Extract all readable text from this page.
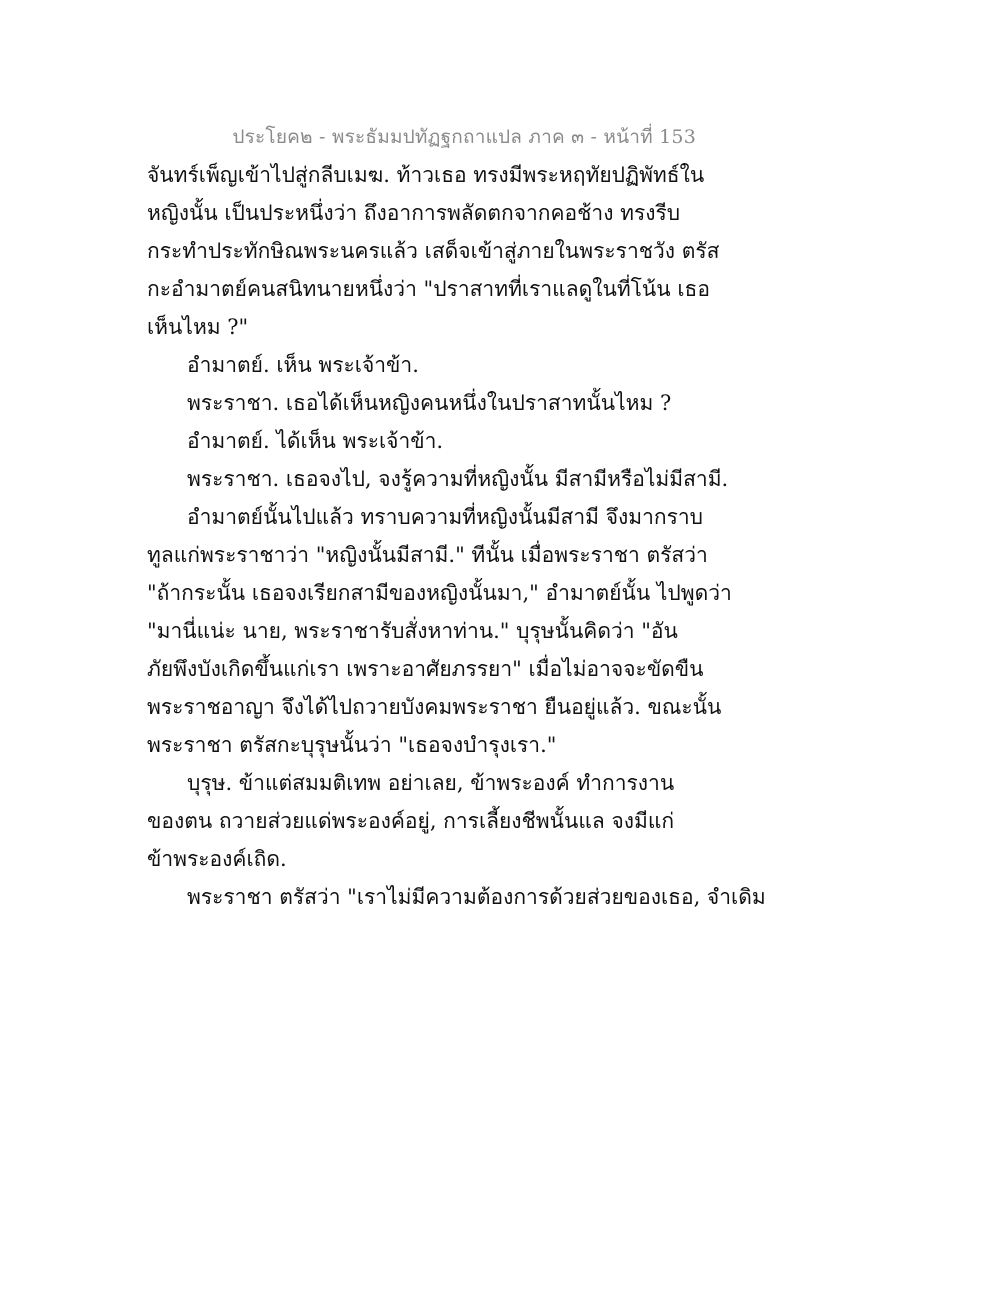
ประโยค๒ - พระธัมมปทัฏฐกถาแปล ภาค ๓ - หน้าที่ 153
จันทร์เพ็ญเข้าไปสู่กลีบเมฆ. ท้าวเธอ ทรงมีพระหฤทัยปฏิพัทธ์ใน
หญิงนั้น เป็นประหนึ่งว่า ถึงอาการพลัดตกจากคอช้าง ทรงรีบ
กระทำประทักษิณพระนครแล้ว เสด็จเข้าสู่ภายในพระราชวัง ตรัส
กะอำมาตย์คนสนิทนายหนึ่งว่า "ปราสาทที่เราแลดูในที่โน้น เธอ
เห็นไหม ?"
อำมาตย์. เห็น พระเจ้าข้า.
พระราชา. เธอได้เห็นหญิงคนหนึ่งในปราสาทนั้นไหม ?
อำมาตย์. ได้เห็น พระเจ้าข้า.
พระราชา. เธอจงไป, จงรู้ความที่หญิงนั้น มีสามีหรือไม่มีสามี.
อำมาตย์นั้นไปแล้ว ทราบความที่หญิงนั้นมีสามี จึงมากราบ
ทูลแก่พระราชาว่า "หญิงนั้นมีสามี." ทีนั้น เมื่อพระราชา ตรัสว่า
"ถ้ากระนั้น เธอจงเรียกสามีของหญิงนั้นมา," อำมาตย์นั้น ไปพูดว่า
"มานี่แน่ะ นาย, พระราชารับสั่งหาท่าน." บุรุษนั้นคิดว่า "อัน
ภัยพึงบังเกิดขึ้นแก่เรา เพราะอาศัยภรรยา" เมื่อไม่อาจจะขัดขืน
พระราชอาญา จึงได้ไปถวายบังคมพระราชา ยืนอยู่แล้ว. ขณะนั้น
พระราชา ตรัสกะบุรุษนั้นว่า "เธอจงบำรุงเรา."
บุรุษ. ข้าแต่สมมติเทพ อย่าเลย, ข้าพระองค์ ทำการงาน
ของตน ถวายส่วยแด่พระองค์อยู่, การเลี้ยงชีพนั้นแล จงมีแก่
ข้าพระองค์เถิด.
พระราชา ตรัสว่า "เราไม่มีความต้องการด้วยส่วยของเธอ, จำเดิม
